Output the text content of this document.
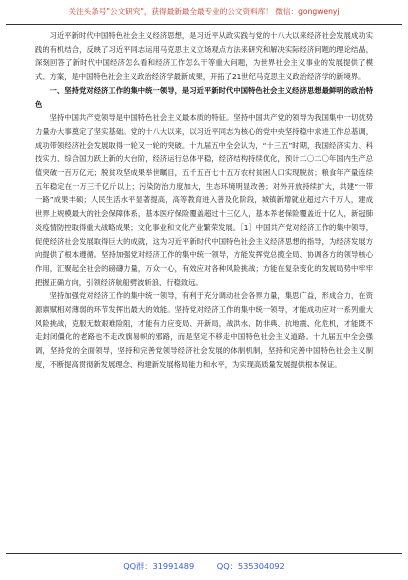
关注头条号"公文研究"，获得最新最全最专业的公文资料库！ 微信：gongwenyj

习近平新时代中国特色社会主义经济思想，是习近平从政实践与党的十八大以来经济社会发展成功实践的有机结合，反映了习近平同志运用马克思主义立场观点方法来研究和解决实际经济问题的理论结晶，深刻回答了新时代中国经济怎么看和经济工作怎么干等重大问题，为世界社会主义事业的发展提供了模式、方案，是中国特色社会主义政治经济学最新成果，开拓了21世纪马克思主义政治经济学的新境界。

一、坚持党对经济工作的集中统一领导，是习近平新时代中国特色社会主义经济思想最鲜明的政治特色

坚持中国共产党领导是中国特色社会主义最本质的特征。坚持中国共产党的领导为我国集中一切优势力量办大事奠定了坚实基础。党的十八大以来，以习近平同志为核心的党中央坚持稳中求进工作总基调，成功带领经济社会发展取得一轮又一轮的突破。十九届五中全会认为，“十三五”时期，我国经济实力、科技实力、综合国力跃上新的大台阶，经济运行总体平稳，经济结构持续优化，预计二〇二〇年国内生产总值突破一百万亿元；脱贫攻坚成果举世瞩目，五千五百七十五万农村贫困人口实现脱贫；粮食年产量连续五年稳定在一万三千亿斤以上；污染防治力度加大，生态环境明显改善；对外开放持续扩大，共建“一带一路”成果丰硕；人民生活水平显著提高，高等教育进入普及化阶段，城镇新增就业超过六千万人，建成世界上规模最大的社会保障体系，基本医疗保险覆盖超过十三亿人，基本养老保险覆盖近十亿人，新冠肺炎疫情防控取得重大战略成果；文化事业和文化产业繁荣发展。［1］中国共产党对经济工作的集中领导，促使经济社会发展取得巨大的成就，这为习近平新时代中国特色社会主义经济思想的指导，为经济发展方向提供了根本遵循。坚持加强党对经济工作的集中统一领导，方能发挥党总揽全局、协调各方的领导核心作用，汇聚起全社会的磅礴力量，万众一心，有效应对各种风险挑战；方能在复杂变化的发展局势中牢牢把握正确方向，引领经济航船劈波斩浪、行稳致远。

坚持加强党对经济工作的集中统一领导，有利于充分调动社会各界力量，集思广益，形成合力，在资源禀赋相对薄弱的环节发挥出最大的效能。坚持党对经济工作的集中统一领导，才能成功应对一系列重大风险挑战，克服无数艰难险阻，才能有力应变局、开新局，战洪水、防非典、抗地震、化危机，才能既不走封闭僵化的老路也不走改旗易帜的邪路，而是坚定不移走中国特色社会主义道路。十九届五中全会强调，坚持党的全面领导，坚持和完善党领导经济社会发展的体制机制，坚持和完善中国特色社会主义制度，不断提高贯彻新发展理念、构建新发展格局能力和水平，为实现高质量发展提供根本保证。

QQ群：31991489	QQ：535304092
